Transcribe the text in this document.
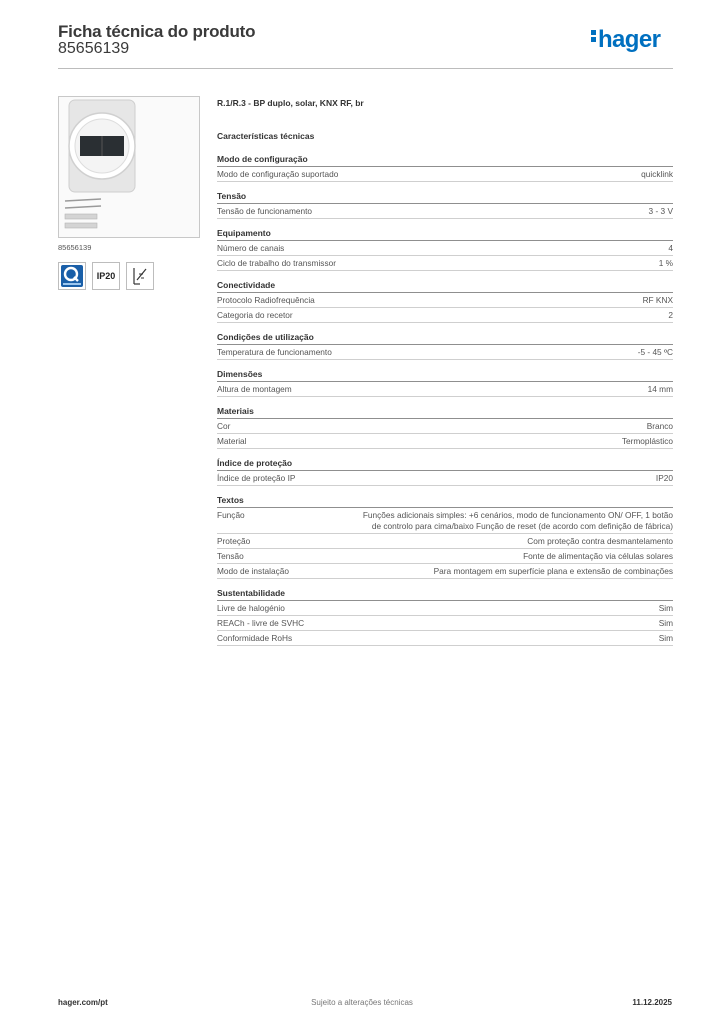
Ficha técnica do produto
85656139	hager
85656139
IP20
R.1/R.3 - BP duplo, solar, KNX RF, br
Características técnicas
Modo de configuração
Modo de configuração suportado	quicklink
Tensão
Tensão de funcionamento	3 - 3 V
Equipamento
Número de canais	4
Ciclo de trabalho do transmissor	1 %
Conectividade
Protocolo Radiofrequência	RF KNX
Categoria do recetor	2
Condições de utilização
Temperatura de funcionamento	-5 - 45 ºC
Dimensões
Altura de montagem	14 mm
Materiais
Cor	Branco
Material	Termoplástico
Índice de proteção
Índice de proteção IP	IP20
Textos
Função	Funções adicionais simples: +6 cenários, modo de funcionamento ON/ OFF, 1 botão de controlo para cima/baixo Função de reset (de acordo com definição de fábrica)
Proteção	Com proteção contra desmantelamento
Tensão	Fonte de alimentação via células solares
Modo de instalação	Para montagem em superfície plana e extensão de combinações
Sustentabilidade
Livre de halogénio	Sim
REACh - livre de SVHC	Sim
Conformidade RoHs	Sim
hager.com/pt	Sujeito a alterações técnicas	11.12.2025
